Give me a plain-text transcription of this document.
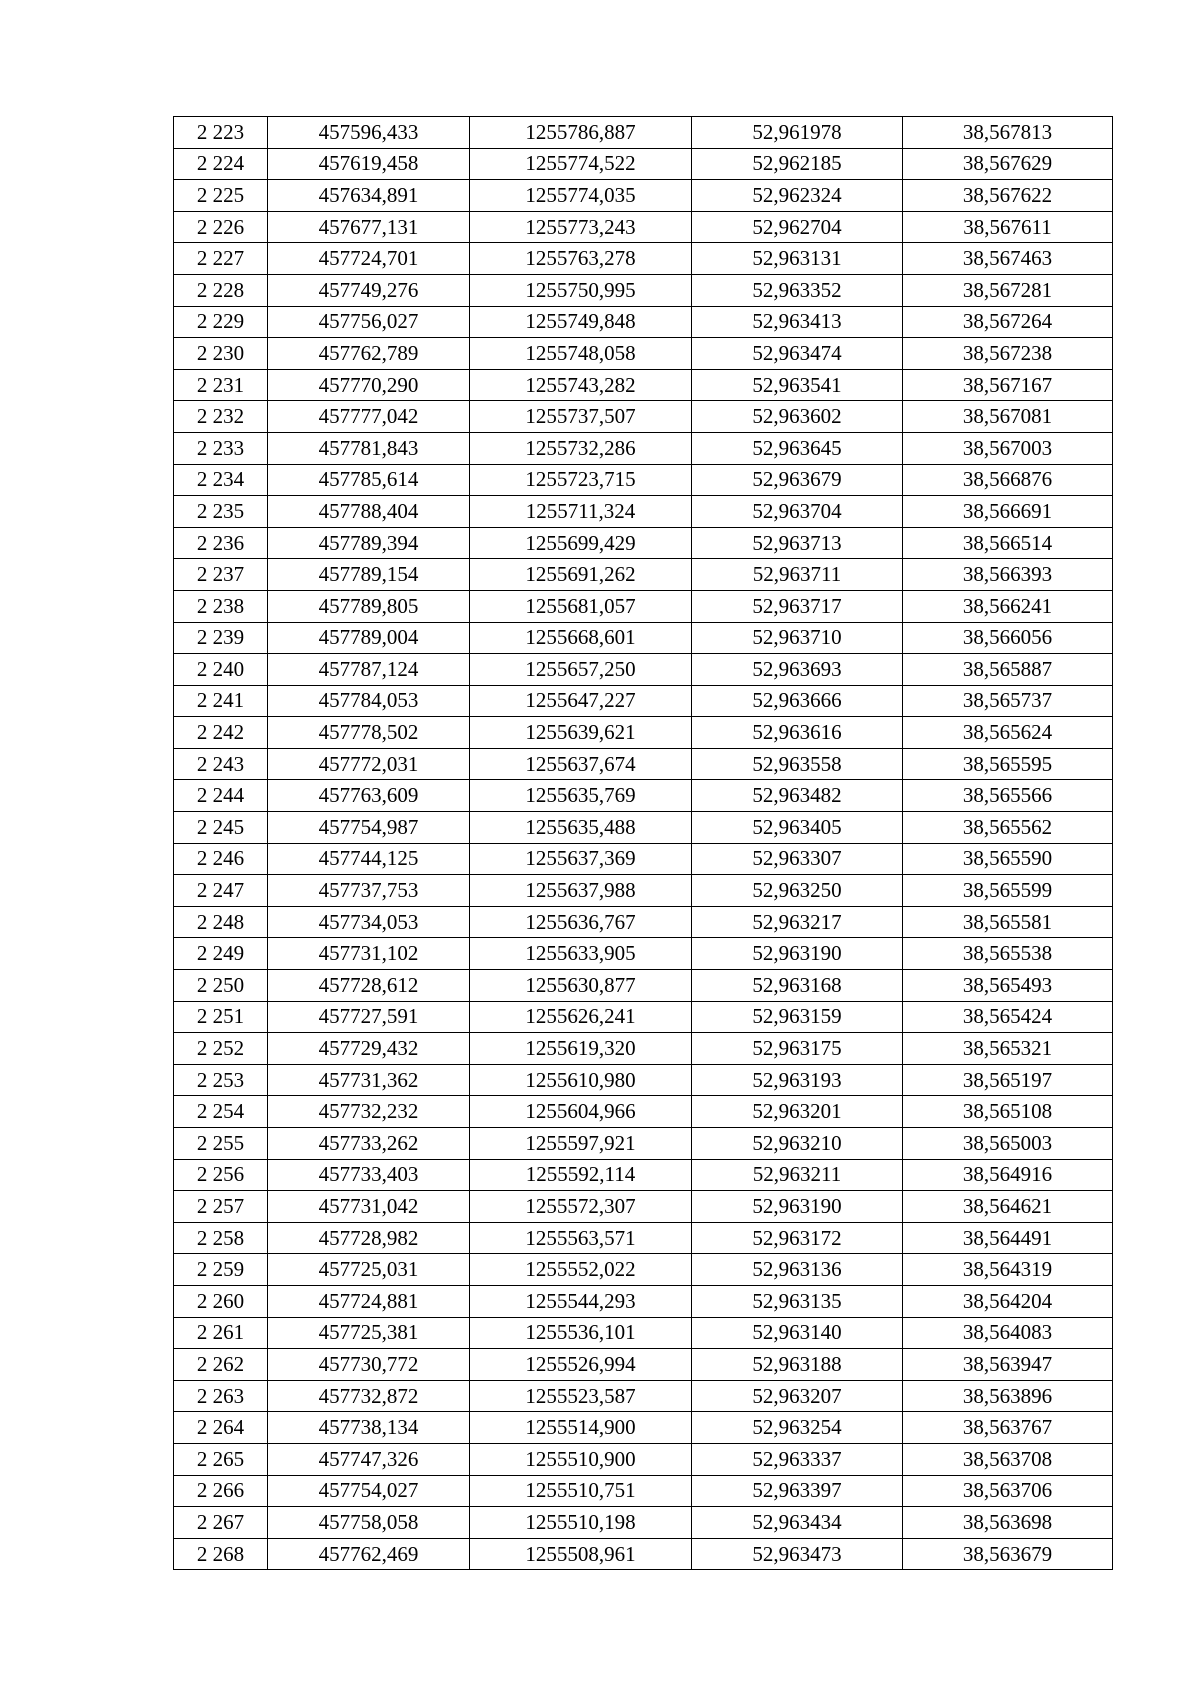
2 223	457596,433	1255786,887	52,961978	38,567813
2 224	457619,458	1255774,522	52,962185	38,567629
2 225	457634,891	1255774,035	52,962324	38,567622
2 226	457677,131	1255773,243	52,962704	38,567611
2 227	457724,701	1255763,278	52,963131	38,567463
2 228	457749,276	1255750,995	52,963352	38,567281
2 229	457756,027	1255749,848	52,963413	38,567264
2 230	457762,789	1255748,058	52,963474	38,567238
2 231	457770,290	1255743,282	52,963541	38,567167
2 232	457777,042	1255737,507	52,963602	38,567081
2 233	457781,843	1255732,286	52,963645	38,567003
2 234	457785,614	1255723,715	52,963679	38,566876
2 235	457788,404	1255711,324	52,963704	38,566691
2 236	457789,394	1255699,429	52,963713	38,566514
2 237	457789,154	1255691,262	52,963711	38,566393
2 238	457789,805	1255681,057	52,963717	38,566241
2 239	457789,004	1255668,601	52,963710	38,566056
2 240	457787,124	1255657,250	52,963693	38,565887
2 241	457784,053	1255647,227	52,963666	38,565737
2 242	457778,502	1255639,621	52,963616	38,565624
2 243	457772,031	1255637,674	52,963558	38,565595
2 244	457763,609	1255635,769	52,963482	38,565566
2 245	457754,987	1255635,488	52,963405	38,565562
2 246	457744,125	1255637,369	52,963307	38,565590
2 247	457737,753	1255637,988	52,963250	38,565599
2 248	457734,053	1255636,767	52,963217	38,565581
2 249	457731,102	1255633,905	52,963190	38,565538
2 250	457728,612	1255630,877	52,963168	38,565493
2 251	457727,591	1255626,241	52,963159	38,565424
2 252	457729,432	1255619,320	52,963175	38,565321
2 253	457731,362	1255610,980	52,963193	38,565197
2 254	457732,232	1255604,966	52,963201	38,565108
2 255	457733,262	1255597,921	52,963210	38,565003
2 256	457733,403	1255592,114	52,963211	38,564916
2 257	457731,042	1255572,307	52,963190	38,564621
2 258	457728,982	1255563,571	52,963172	38,564491
2 259	457725,031	1255552,022	52,963136	38,564319
2 260	457724,881	1255544,293	52,963135	38,564204
2 261	457725,381	1255536,101	52,963140	38,564083
2 262	457730,772	1255526,994	52,963188	38,563947
2 263	457732,872	1255523,587	52,963207	38,563896
2 264	457738,134	1255514,900	52,963254	38,563767
2 265	457747,326	1255510,900	52,963337	38,563708
2 266	457754,027	1255510,751	52,963397	38,563706
2 267	457758,058	1255510,198	52,963434	38,563698
2 268	457762,469	1255508,961	52,963473	38,563679
